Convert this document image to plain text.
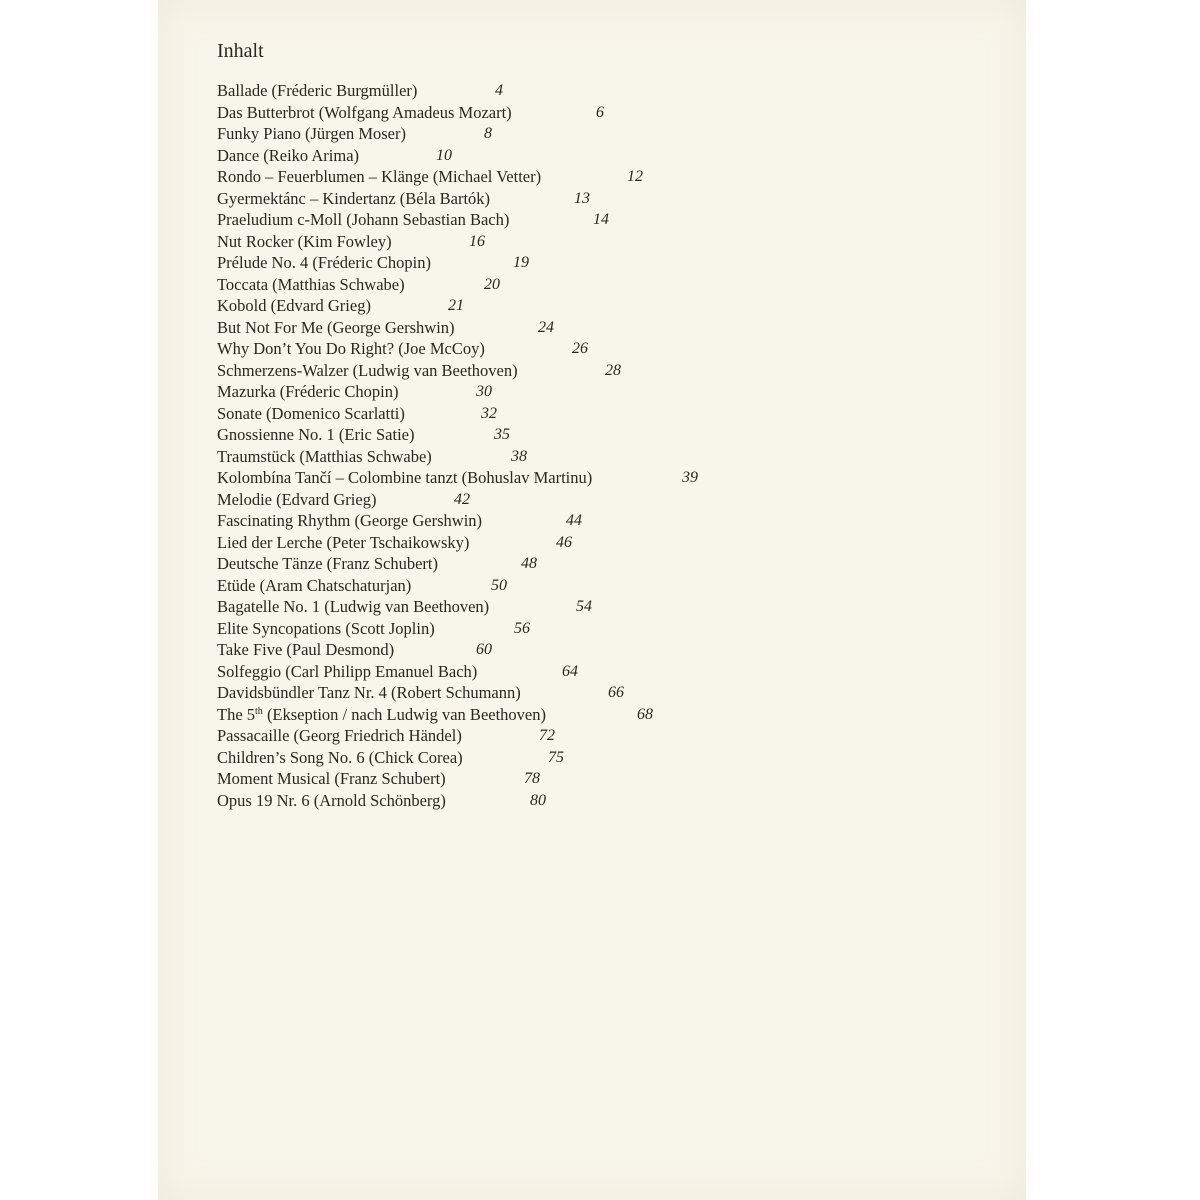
Inhalt
Ballade (Fréderic Burgmüller)	4
Das Butterbrot (Wolfgang Amadeus Mozart)	6
Funky Piano (Jürgen Moser)	8
Dance (Reiko Arima)	10
Rondo – Feuerblumen – Klänge (Michael Vetter)	12
Gyermektánc – Kindertanz (Béla Bartók)	13
Praeludium c-Moll (Johann Sebastian Bach)	14
Nut Rocker (Kim Fowley)	16
Prélude No. 4 (Fréderic Chopin)	19
Toccata (Matthias Schwabe)	20
Kobold (Edvard Grieg)	21
But Not For Me (George Gershwin)	24
Why Don’t You Do Right? (Joe McCoy)	26
Schmerzens-Walzer (Ludwig van Beethoven)	28
Mazurka (Fréderic Chopin)	30
Sonate (Domenico Scarlatti)	32
Gnossienne No. 1 (Eric Satie)	35
Traumstück (Matthias Schwabe)	38
Kolombína Tančí – Colombine tanzt (Bohuslav Martinu)	39
Melodie (Edvard Grieg)	42
Fascinating Rhythm (George Gershwin)	44
Lied der Lerche (Peter Tschaikowsky)	46
Deutsche Tänze (Franz Schubert)	48
Etüde (Aram Chatschaturjan)	50
Bagatelle No. 1 (Ludwig van Beethoven)	54
Elite Syncopations (Scott Joplin)	56
Take Five (Paul Desmond)	60
Solfeggio (Carl Philipp Emanuel Bach)	64
Davidsbündler Tanz Nr. 4 (Robert Schumann)	66
The 5th (Ekseption / nach Ludwig van Beethoven)	68
Passacaille (Georg Friedrich Händel)	72
Children’s Song No. 6 (Chick Corea)	75
Moment Musical (Franz Schubert)	78
Opus 19 Nr. 6 (Arnold Schönberg)	80
